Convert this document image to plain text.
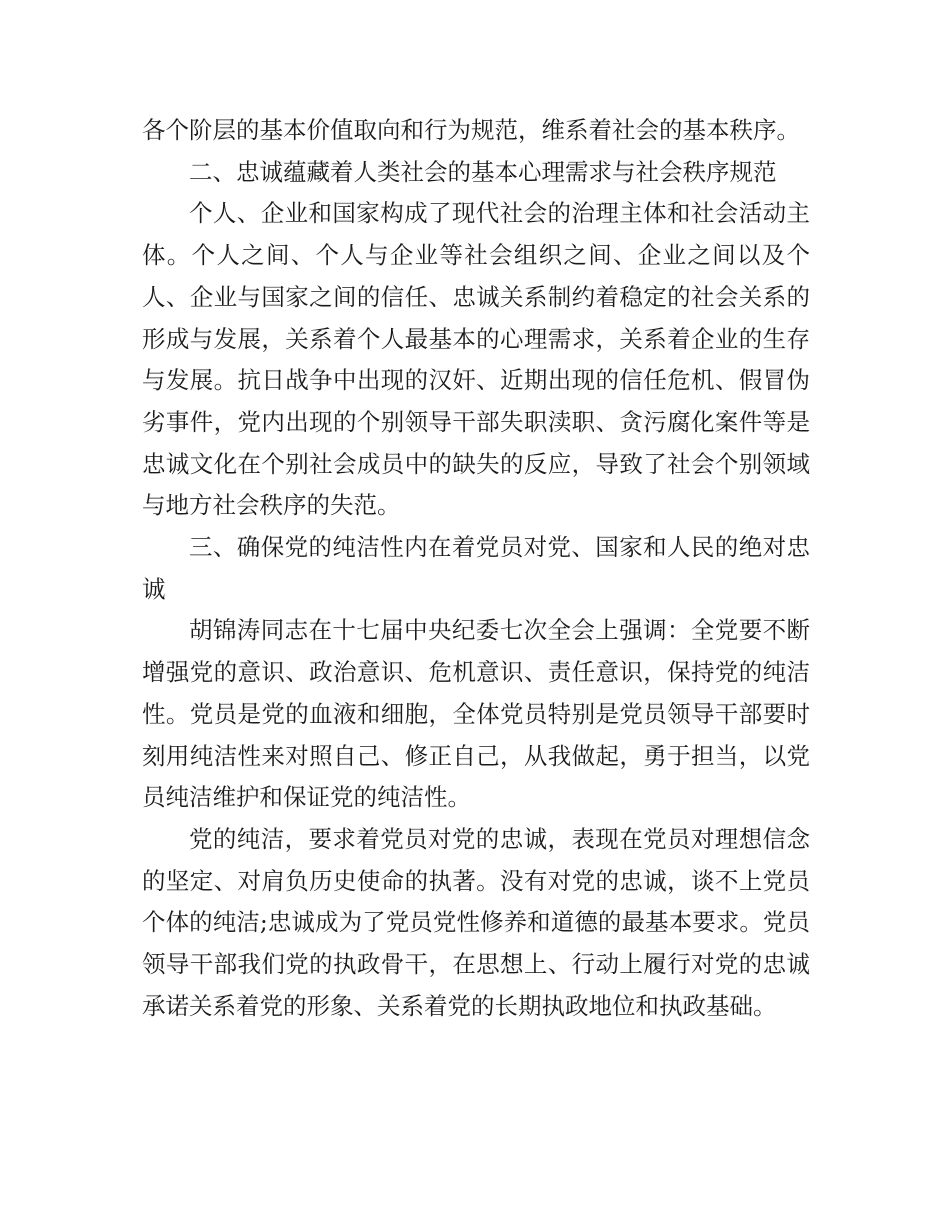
各个阶层的基本价值取向和行为规范，维系着社会的基本秩序。

二、忠诚蕴藏着人类社会的基本心理需求与社会秩序规范

个人、企业和国家构成了现代社会的治理主体和社会活动主体。个人之间、个人与企业等社会组织之间、企业之间以及个人、企业与国家之间的信任、忠诚关系制约着稳定的社会关系的形成与发展，关系着个人最基本的心理需求，关系着企业的生存与发展。抗日战争中出现的汉奸、近期出现的信任危机、假冒伪劣事件，党内出现的个别领导干部失职渎职、贪污腐化案件等是忠诚文化在个别社会成员中的缺失的反应，导致了社会个别领域与地方社会秩序的失范。

三、确保党的纯洁性内在着党员对党、国家和人民的绝对忠诚

胡锦涛同志在十七届中央纪委七次全会上强调：全党要不断增强党的意识、政治意识、危机意识、责任意识，保持党的纯洁性。党员是党的血液和细胞，全体党员特别是党员领导干部要时刻用纯洁性来对照自己、修正自己，从我做起，勇于担当，以党员纯洁维护和保证党的纯洁性。

党的纯洁，要求着党员对党的忠诚，表现在党员对理想信念的坚定、对肩负历史使命的执著。没有对党的忠诚，谈不上党员个体的纯洁;忠诚成为了党员党性修养和道德的最基本要求。党员领导干部我们党的执政骨干，在思想上、行动上履行对党的忠诚承诺关系着党的形象、关系着党的长期执政地位和执政基础。
